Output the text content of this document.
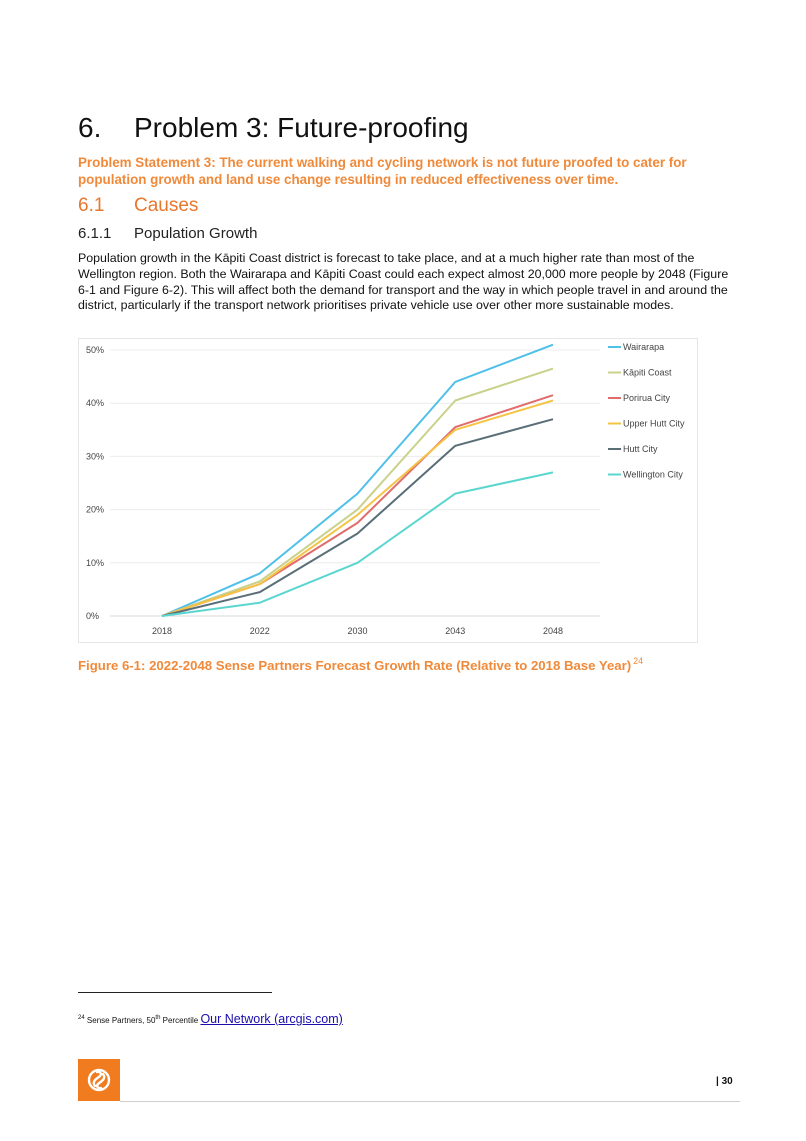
6. Problem 3: Future-proofing
Problem Statement 3: The current walking and cycling network is not future proofed to cater for population growth and land use change resulting in reduced effectiveness over time.
6.1 Causes
6.1.1 Population Growth
Population growth in the Kāpiti Coast district is forecast to take place, and at a much higher rate than most of the Wellington region. Both the Wairarapa and Kāpiti Coast could each expect almost 20,000 more people by 2048 (Figure 6-1 and Figure 6-2). This will affect both the demand for transport and the way in which people travel in and around the district, particularly if the transport network prioritises private vehicle use over other more sustainable modes.
0%
10%
20%
30%
40%
50%
2018	2022	2030	2043	2048
Wairarapa
Kāpiti Coast
Porirua City
Upper Hutt City
Hutt City
Wellington City
Figure 6-1: 2022-2048 Sense Partners Forecast Growth Rate (Relative to 2018 Base Year) $^{24}$
$^{24}$ Sense Partners, 50th Percentile Our Network (arcgis.com)
| 30
